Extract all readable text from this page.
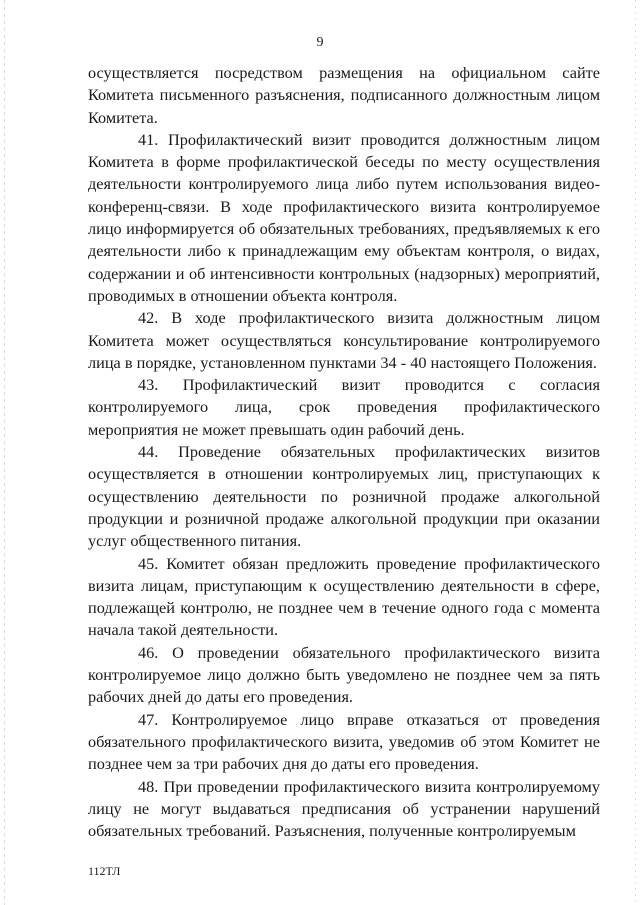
9

осуществляется посредством размещения на официальном сайте Комитета письменного разъяснения, подписанного должностным лицом Комитета.

41. Профилактический визит проводится должностным лицом Комитета в форме профилактической беседы по месту осуществления деятельности контролируемого лица либо путем использования видео-конференц-связи. В ходе профилактического визита контролируемое лицо информируется об обязательных требованиях, предъявляемых к его деятельности либо к принадлежащим ему объектам контроля, о видах, содержании и об интенсивности контрольных (надзорных) мероприятий, проводимых в отношении объекта контроля.

42. В ходе профилактического визита должностным лицом Комитета может осуществляться консультирование контролируемого лица в порядке, установленном пунктами 34 - 40 настоящего Положения.

43. Профилактический визит проводится с согласия контролируемого лица, срок проведения профилактического мероприятия не может превышать один рабочий день.

44. Проведение обязательных профилактических визитов осуществляется в отношении контролируемых лиц, приступающих к осуществлению деятельности по розничной продаже алкогольной продукции и розничной продаже алкогольной продукции при оказании услуг общественного питания.

45. Комитет обязан предложить проведение профилактического визита лицам, приступающим к осуществлению деятельности в сфере, подлежащей контролю, не позднее чем в течение одного года с момента начала такой деятельности.

46. О проведении обязательного профилактического визита контролируемое лицо должно быть уведомлено не позднее чем за пять рабочих дней до даты его проведения.

47. Контролируемое лицо вправе отказаться от проведения обязательного профилактического визита, уведомив об этом Комитет не позднее чем за три рабочих дня до даты его проведения.

48. При проведении профилактического визита контролируемому лицу не могут выдаваться предписания об устранении нарушений обязательных требований. Разъяснения, полученные контролируемым

112ТЛ
